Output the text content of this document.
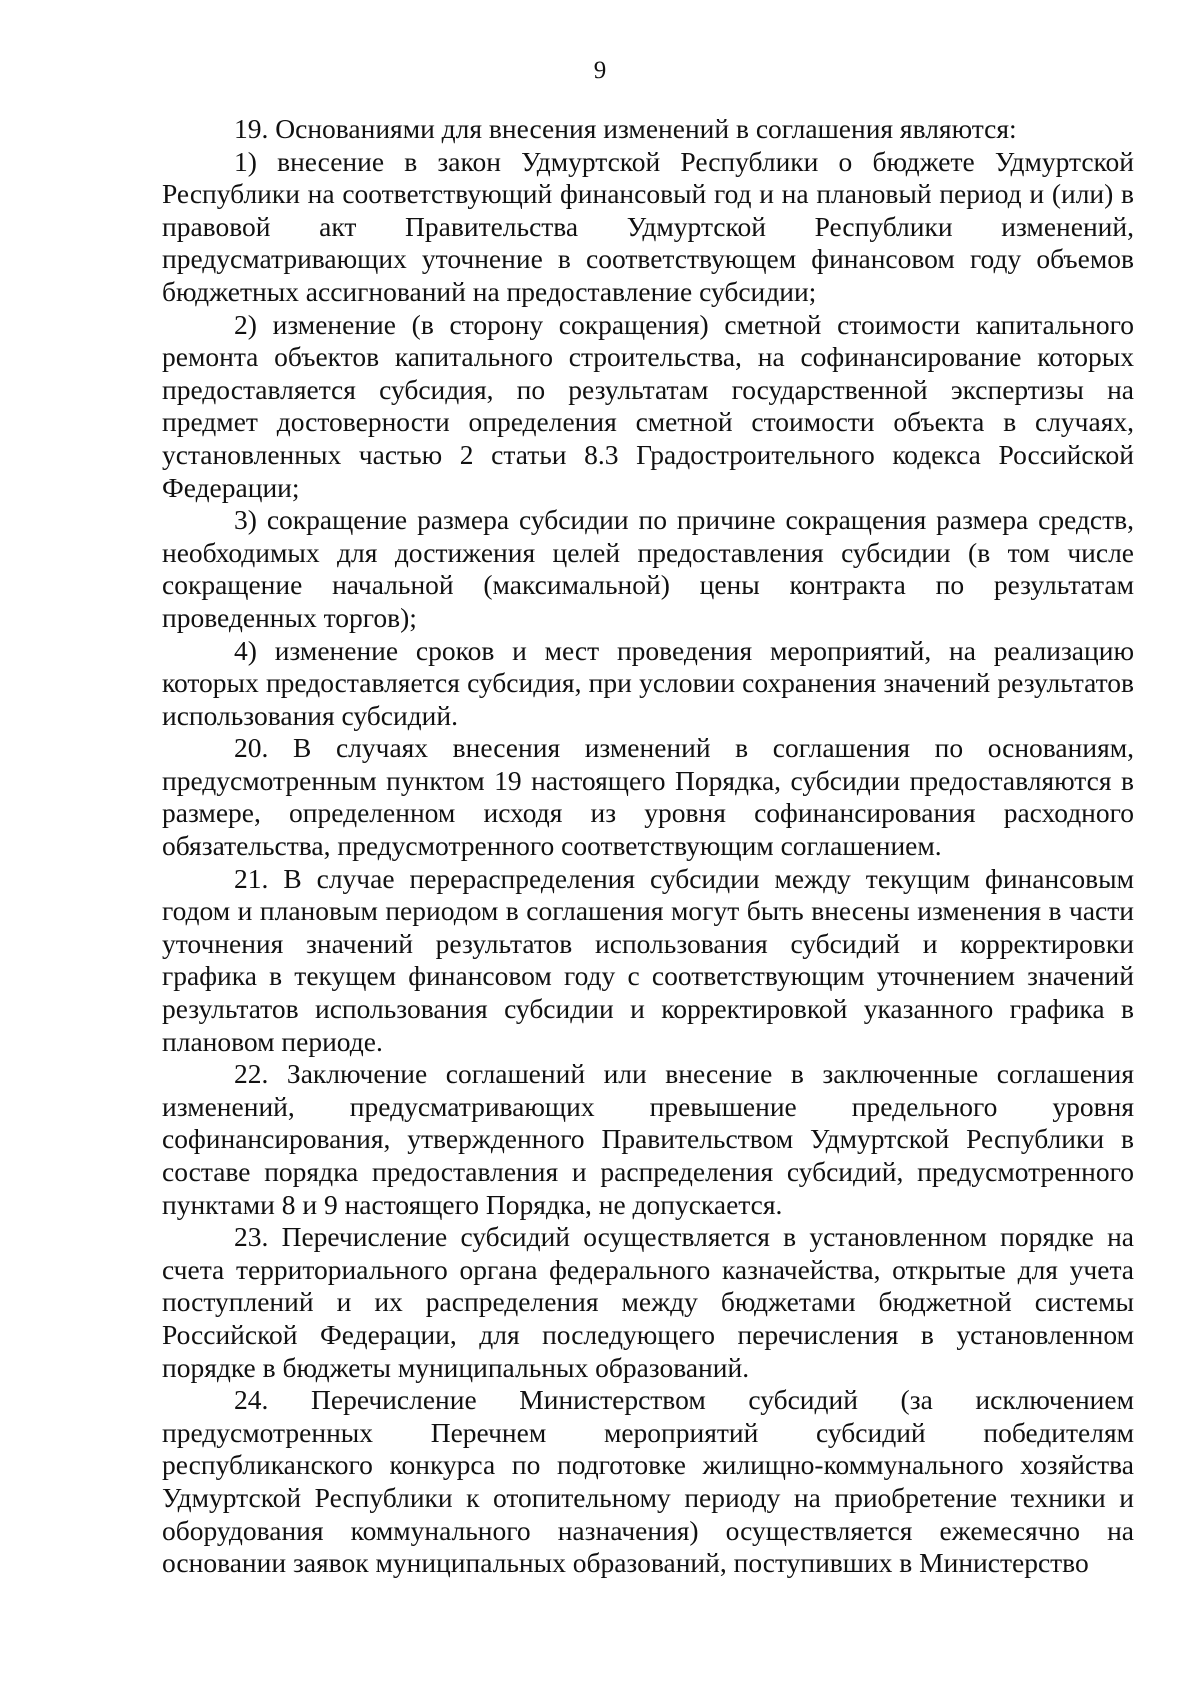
9

19. Основаниями для внесения изменений в соглашения являются:

1) внесение в закон Удмуртской Республики о бюджете Удмуртской Республики на соответствующий финансовый год и на плановый период и (или) в правовой акт Правительства Удмуртской Республики изменений, предусматривающих уточнение в соответствующем финансовом году объемов бюджетных ассигнований на предоставление субсидии;

2) изменение (в сторону сокращения) сметной стоимости капитального ремонта объектов капитального строительства, на софинансирование которых предоставляется субсидия, по результатам государственной экспертизы на предмет достоверности определения сметной стоимости объекта в случаях, установленных частью 2 статьи 8.3 Градостроительного кодекса Российской Федерации;

3) сокращение размера субсидии по причине сокращения размера средств, необходимых для достижения целей предоставления субсидии (в том числе сокращение начальной (максимальной) цены контракта по результатам проведенных торгов);

4) изменение сроков и мест проведения мероприятий, на реализацию которых предоставляется субсидия, при условии сохранения значений результатов использования субсидий.

20. В случаях внесения изменений в соглашения по основаниям, предусмотренным пунктом 19 настоящего Порядка, субсидии предоставляются в размере, определенном исходя из уровня софинансирования расходного обязательства, предусмотренного соответствующим соглашением.

21. В случае перераспределения субсидии между текущим финансовым годом и плановым периодом в соглашения могут быть внесены изменения в части уточнения значений результатов использования субсидий и корректировки графика в текущем финансовом году с соответствующим уточнением значений результатов использования субсидии и корректировкой указанного графика в плановом периоде.

22. Заключение соглашений или внесение в заключенные соглашения изменений, предусматривающих превышение предельного уровня софинансирования, утвержденного Правительством Удмуртской Республики в составе порядка предоставления и распределения субсидий, предусмотренного пунктами 8 и 9 настоящего Порядка, не допускается.

23. Перечисление субсидий осуществляется в установленном порядке на счета территориального органа федерального казначейства, открытые для учета поступлений и их распределения между бюджетами бюджетной системы Российской Федерации, для последующего перечисления в установленном порядке в бюджеты муниципальных образований.

24. Перечисление Министерством субсидий (за исключением предусмотренных Перечнем мероприятий субсидий победителям республиканского конкурса по подготовке жилищно-коммунального хозяйства Удмуртской Республики к отопительному периоду на приобретение техники и оборудования коммунального назначения) осуществляется ежемесячно на основании заявок муниципальных образований, поступивших в Министерство
